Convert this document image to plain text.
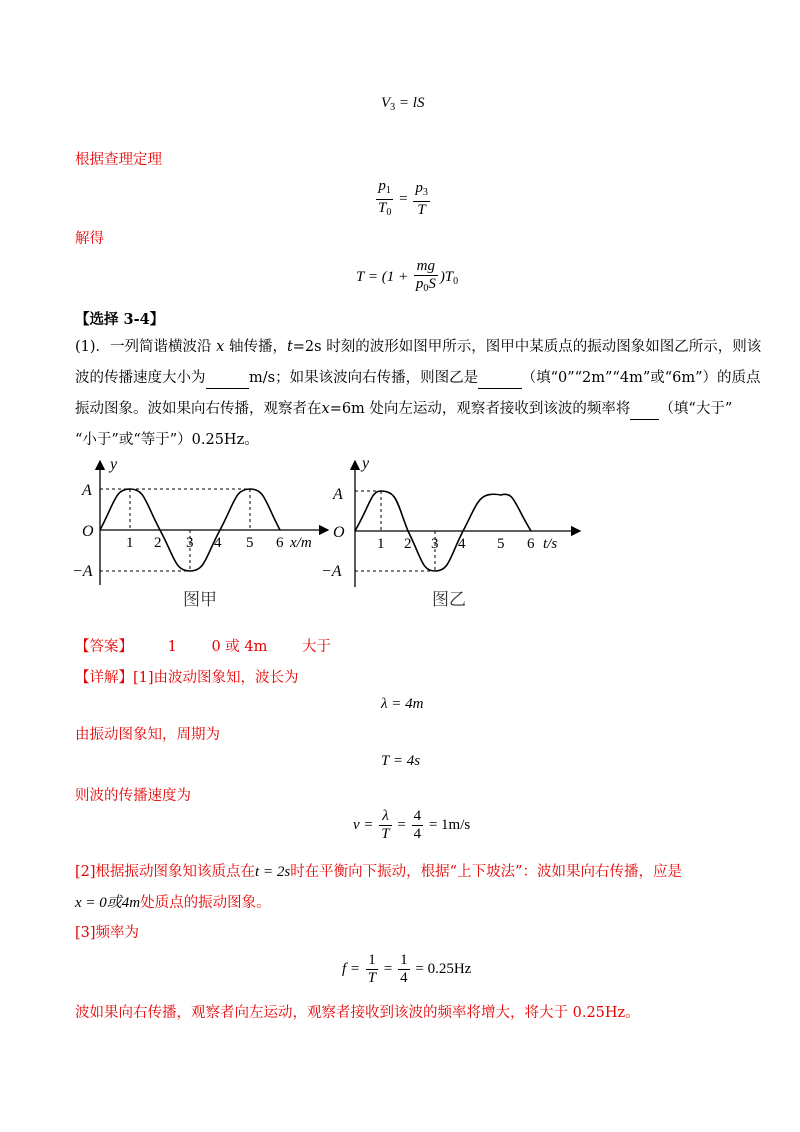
$V_3$ = lS
根据查理定理
$\frac{p_1}{T_0} = \frac{p_3}{T}$
解得
$T = (1 + \frac{mg}{p_0S} )T_0$
【选择 3-4】
(1)．一列简谐横波沿 x 轴传播，t=2s 时刻的波形如图甲所示，图甲中某质点的振动图象如图乙所示，则该
波的传播速度大小为	m/s；如果该波向右传播，则图乙是	（填“0”“2m”“4m”或“6m”）的质点
振动图象。波如果向右传播，观察者在x=6m 处向左运动，观察者接收到该波的频率将 （填“大于”
“小于”或“等于”）0.25Hz。
y
A
O
−A
1 2 3 4 5 6 x/m
图甲
y
A
O
−A
1 2 3 4 5 6 t/s
图乙
【答案】 1 0 或 4m 大于
【详解】[1]由波动图象知，波长为
λ = 4m
由振动图象知，周期为
T = 4s
则波的传播速度为
$v = \frac{\lambda}{T} = \frac{4}{4} = 1m/s$
[2]根据振动图象知该质点在t = 2s时在平衡向下振动，根据“上下坡法”：波如果向右传播，应是
x = 0或4m处质点的振动图象。
[3]频率为
$f = \frac{1}{T} = \frac{1}{4} = 0.25Hz$
波如果向右传播，观察者向左运动，观察者接收到该波的频率将增大，将大于 0.25Hz。
